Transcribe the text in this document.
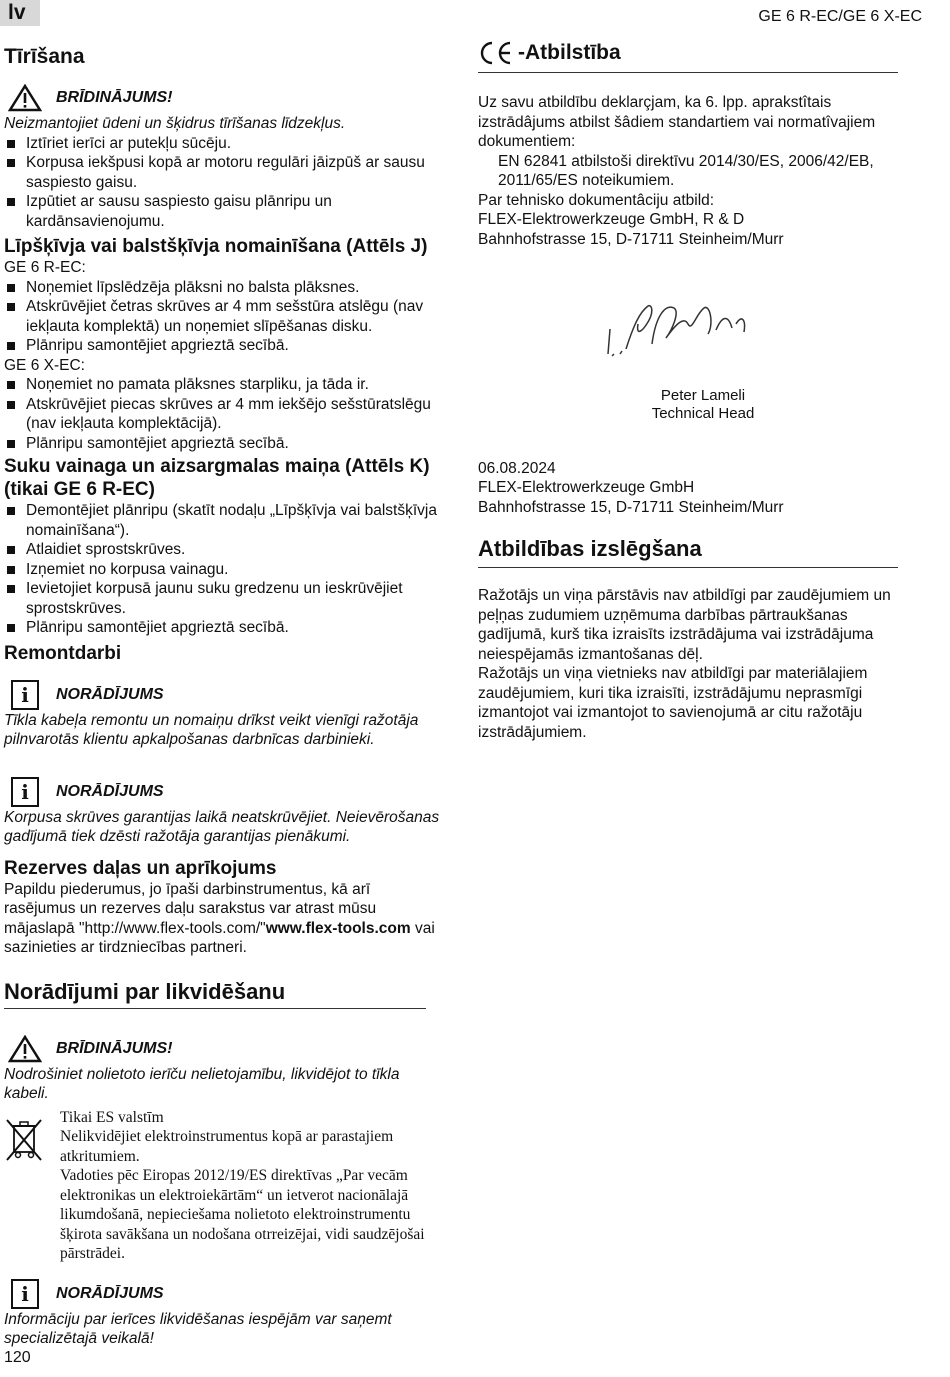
lv	GE 6 R-EC/GE 6 X-EC
Tīrīšana
BRĪDINĀJUMS!
Neizmantojiet ūdeni un šķidrus tīrīšanas līdzekļus.
Iztīriet ierīci ar putekļu sūcēju.
Korpusa iekšpusi kopā ar motoru regulāri jāizpūš ar sausu saspiesto gaisu.
Izpūtiet ar sausu saspiesto gaisu plānripu un kardānsavienojumu.
Līpšķīvja vai balstšķīvja nomainīšana (Attēls J)
GE 6 R-EC:
Noņemiet līpslēdzēja plāksni no balsta plāksnes.
Atskrūvējiet četras skrūves ar 4 mm sešstūra atslēgu (nav iekļauta komplektā) un noņemiet slīpēšanas disku.
Plānripu samontējiet apgrieztā secībā.
GE 6 X-EC:
Noņemiet no pamata plāksnes starpliku, ja tāda ir.
Atskrūvējiet piecas skrūves ar 4 mm iekšējo sešstūratslēgu (nav iekļauta komplektācijā).
Plānripu samontējiet apgrieztā secībā.
Suku vainaga un aizsargmalas maiņa (Attēls K) (tikai GE 6 R-EC)
Demontējiet plānripu (skatīt nodaļu „Līpšķīvja vai balstšķīvja nomainīšana“).
Atlaidiet sprostskrūves.
Izņemiet no korpusa vainagu.
Ievietojiet korpusā jaunu suku gredzenu un ieskrūvējiet sprostskrūves.
Plānripu samontējiet apgrieztā secībā.
Remontdarbi
i	NORĀDĪJUMS
Tīkla kabeļa remontu un nomaiņu drīkst veikt vienīgi ražotāja pilnvarotās klientu apkalpošanas darbnīcas darbinieki.
i	NORĀDĪJUMS
Korpusa skrūves garantijas laikā neatskrūvējiet. Neievērošanas gadījumā tiek dzēsti ražotāja garantijas pienākumi.
Rezerves daļas un aprīkojums
Papildu piederumus, jo īpaši darbinstrumentus, kā arī rasējumus un rezerves daļu sarakstus var atrast mūsu mājaslapā "http://www.flex-tools.com/"www.flex-tools.com vai sazinieties ar tirdzniecības partneri.
Norādījumi par likvidēšanu
BRĪDINĀJUMS!
Nodrošiniet nolietoto ierīču nelietojamību, likvidējot to tīkla kabeli.
Tikai ES valstīm
Nelikvidējiet elektroinstrumentus kopā ar parastajiem atkritumiem.
Vadoties pēc Eiropas 2012/19/ES direktīvas „Par vecām elektronikas un elektroiekārtām“ un ietverot nacionālajā likumdošanā, nepieciešama nolietoto elektroinstrumentu šķirota savākšana un nodošana otrreizējai, vidi saudzējošai pārstrādei.
i	NORĀDĪJUMS
Informāciju par ierīces likvidēšanas iespējām var saņemt specializētajā veikalā!
120
-Atbilstība
Uz savu atbildību deklarçjam, ka 6. lpp. aprakstîtais izstrādâjums atbilst šâdiem standartiem vai normatîvajiem dokumentiem:
EN 62841 atbilstoši direktīvu 2014/30/ES, 2006/42/EB, 2011/65/ES noteikumiem.
Par tehnisko dokumentâciju atbild:
FLEX-Elektrowerkzeuge GmbH, R & D
Bahnhofstrasse 15, D-71711 Steinheim/Murr
Peter Lameli
Technical Head
06.08.2024
FLEX-Elektrowerkzeuge GmbH
Bahnhofstrasse 15, D-71711 Steinheim/Murr
Atbildības izslēgšana
Ražotājs un viņa pārstāvis nav atbildīgi par zaudējumiem un peļņas zudumiem uzņēmuma darbības pārtraukšanas gadījumā, kurš tika izraisīts izstrādājuma vai izstrādājuma neiespējamās izmantošanas dēļ.
Ražotājs un viņa vietnieks nav atbildīgi par materiālajiem zaudējumiem, kuri tika izraisīti, izstrādājumu neprasmīgi izmantojot vai izmantojot to savienojumā ar citu ražotāju izstrādājumiem.
